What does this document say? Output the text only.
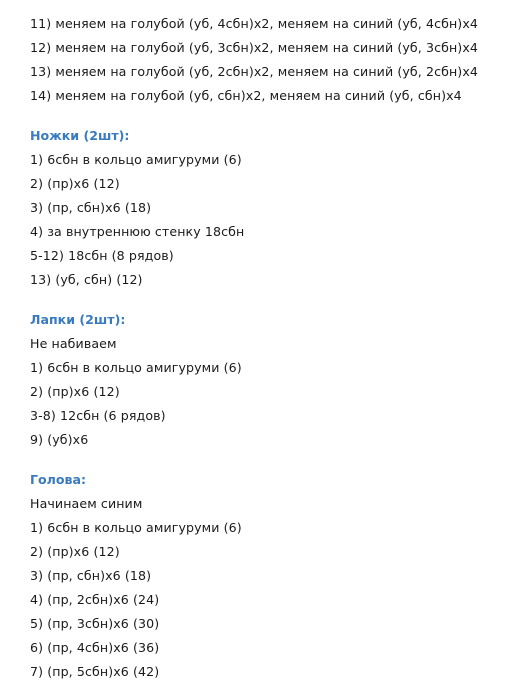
11) меняем на голубой (уб, 4сбн)х2, меняем на синий (уб, 4сбн)х4
12) меняем на голубой (уб, 3сбн)х2, меняем на синий (уб, 3сбн)х4
13) меняем на голубой (уб, 2сбн)х2, меняем на синий (уб, 2сбн)х4
14) меняем на голубой (уб, сбн)х2, меняем на синий (уб, сбн)х4
Ножки (2шт):
1) 6сбн в кольцо амигуруми (6)
2) (пр)х6 (12)
3) (пр, сбн)х6 (18)
4) за внутреннюю стенку 18сбн
5-12) 18сбн (8 рядов)
13) (уб, сбн) (12)
Лапки (2шт):
Не набиваем
1) 6сбн в кольцо амигуруми (6)
2) (пр)х6 (12)
3-8) 12сбн (6 рядов)
9) (уб)х6
Голова:
Начинаем синим
1) 6сбн в кольцо амигуруми (6)
2) (пр)х6 (12)
3) (пр, сбн)х6 (18)
4) (пр, 2сбн)х6 (24)
5) (пр, 3сбн)х6 (30)
6) (пр, 4сбн)х6 (36)
7) (пр, 5сбн)х6 (42)
